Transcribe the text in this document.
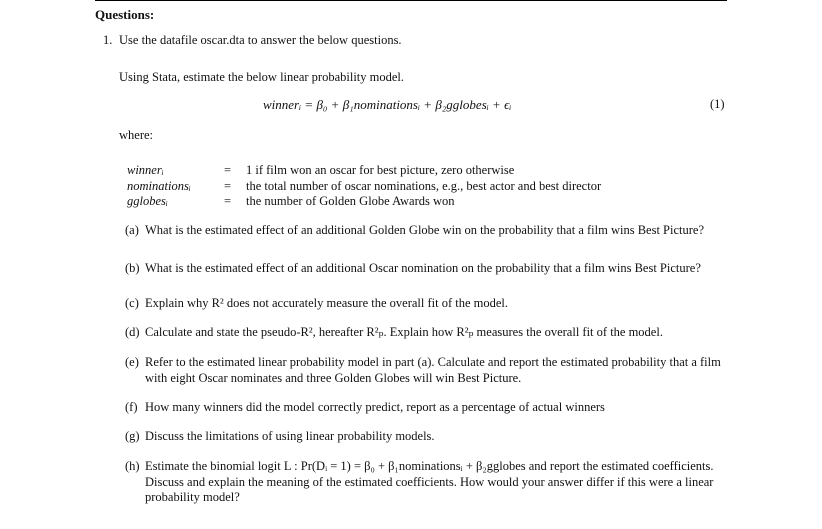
Questions:
1. Use the datafile oscar.dta to answer the below questions.
Using Stata, estimate the below linear probability model.
winnerᵢ = β₀ + β₁nominationsᵢ + β₂gglobesᵢ + ϵᵢ	(1)
where:
winnerᵢ	= 1 if film won an oscar for best picture, zero otherwise
nominationsᵢ	= the total number of oscar nominations, e.g., best actor and best director
gglobesᵢ	= the number of Golden Globe Awards won
(a) What is the estimated effect of an additional Golden Globe win on the probability that a film wins Best Picture?
(b) What is the estimated effect of an additional Oscar nomination on the probability that a film wins Best Picture?
(c) Explain why R² does not accurately measure the overall fit of the model.
(d) Calculate and state the pseudo-R², hereafter R²ₚ. Explain how R²ₚ measures the overall fit of the model.
(e) Refer to the estimated linear probability model in part (a). Calculate and report the estimated probability that a film with eight Oscar nominates and three Golden Globes will win Best Picture.
(f) How many winners did the model correctly predict, report as a percentage of actual winners
(g) Discuss the limitations of using linear probability models.
(h) Estimate the binomial logit L : Pr(Dᵢ = 1) = β₀ + β₁nominationsᵢ + β₂gglobes and report the estimated coefficients. Discuss and explain the meaning of the estimated coefficients. How would your answer differ if this were a linear probability model?
